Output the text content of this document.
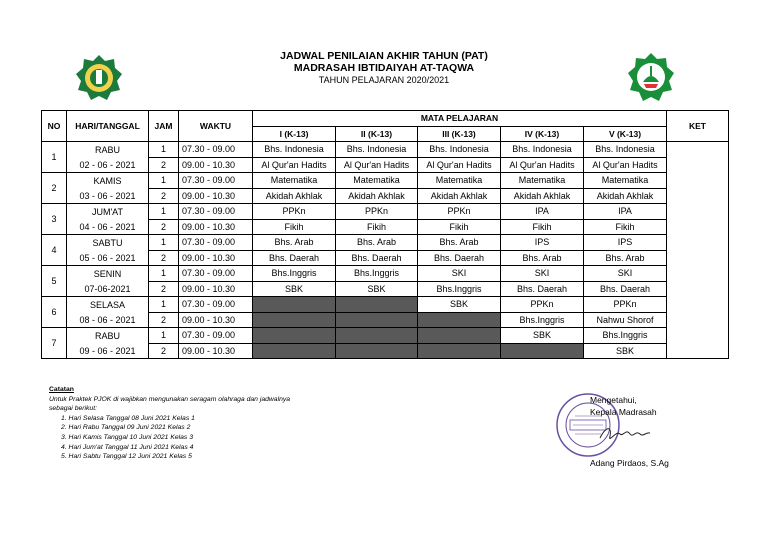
JADWAL PENILAIAN AKHIR TAHUN (PAT)
MADRASAH IBTIDAIYAH AT-TAQWA
TAHUN PELAJARAN 2020/2021
NO	HARI/TANGGAL	JAM	WAKTU	MATA PELAJARAN					KET
				I (K-13)	II (K-13)	III (K-13)	IV (K-13)	V (K-13)	
1	RABU	1	07.30 - 09.00	Bhs. Indonesia	Bhs. Indonesia	Bhs. Indonesia	Bhs. Indonesia	Bhs. Indonesia	
	02 - 06 - 2021	2	09.00 - 10.30	Al Qur'an Hadits	Al Qur'an Hadits	Al Qur'an Hadits	Al Qur'an Hadits	Al Qur'an Hadits	
2	KAMIS	1	07.30 - 09.00	Matematika	Matematika	Matematika	Matematika	Matematika	
	03 - 06 - 2021	2	09.00 - 10.30	Akidah Akhlak	Akidah Akhlak	Akidah Akhlak	Akidah Akhlak	Akidah Akhlak	
3	JUM'AT	1	07.30 - 09.00	PPKn	PPKn	PPKn	IPA	IPA	
	04 - 06 - 2021	2	09.00 - 10.30	Fikih	Fikih	Fikih	Fikih	Fikih	
4	SABTU	1	07.30 - 09.00	Bhs. Arab	Bhs. Arab	Bhs. Arab	IPS	IPS	
	05 - 06 - 2021	2	09.00 - 10.30	Bhs. Daerah	Bhs. Daerah	Bhs. Daerah	Bhs. Arab	Bhs. Arab	
5	SENIN	1	07.30 - 09.00	Bhs.Inggris	Bhs.Inggris	SKI	SKI	SKI	
	07-06-2021	2	09.00 - 10.30	SBK	SBK	Bhs.Inggris	Bhs. Daerah	Bhs. Daerah	
6	SELASA	1	07.30 - 09.00			SBK	PPKn	PPKn	
	08 - 06 - 2021	2	09.00 - 10.30				Bhs.Inggris	Nahwu Shorof	
7	RABU	1	07.30 - 09.00				SBK	Bhs.Inggris	
	09 - 06 - 2021	2	09.00 - 10.30					SBK	
Catatan
Untuk Praktek PJOK di wajibkan mengunakan seragam olahraga dan jadwalnya
sebagai berikut:
1. Hari Selasa Tanggal 08 Juni 2021 Kelas 1
2. Hari Rabu Tanggal 09 Juni 2021 Kelas 2
3. Hari Kamis Tanggal 10 Juni 2021 Kelas 3
4. Hari Jum'at Tanggal 11 Juni 2021 Kelas 4
5. Hari Sabtu Tanggal 12 Juni 2021 Kelas 5
Mengetahui,
Kepala Madrasah
Adang Pirdaos, S.Ag
